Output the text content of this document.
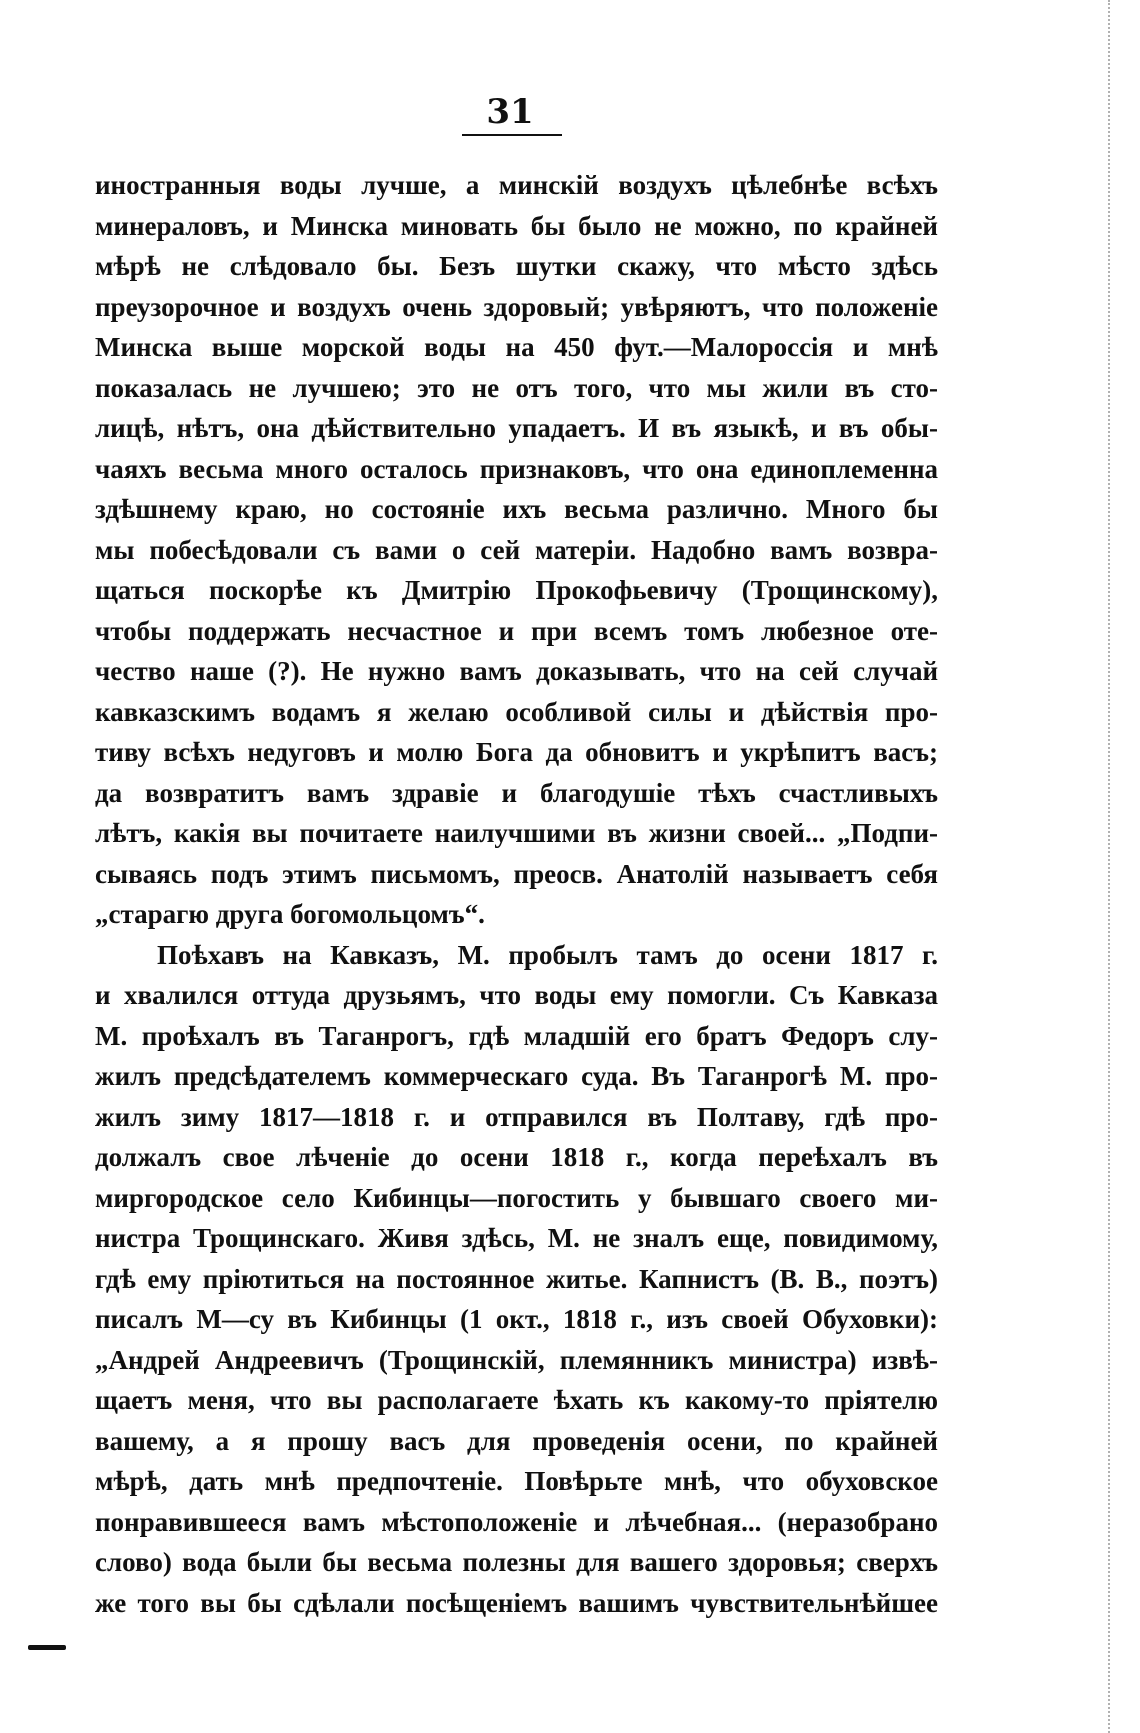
31
иностранныя воды лучше, а минскій воздухъ цѣлебнѣе всѣхъ
минераловъ, и Минска миновать бы было не можно, по крайней
мѣрѣ не слѣдовало бы. Безъ шутки скажу, что мѣсто здѣсь
преузорочное и воздухъ очень здоровый; увѣряютъ, что положеніе
Минска выше морской воды на 450 фут.—Малороссія и мнѣ
показалась не лучшею; это не отъ того, что мы жили въ сто-
лицѣ, нѣтъ, она дѣйствительно упадаетъ. И въ языкѣ, и въ обы-
чаяхъ весьма много осталось признаковъ, что она единоплеменна
здѣшнему краю, но состояніе ихъ весьма различно. Много бы
мы побесѣдовали съ вами о сей матеріи. Надобно вамъ возвра-
щаться поскорѣе къ Дмитрію Прокофьевичу (Трощинскому),
чтобы поддержать несчастное и при всемъ томъ любезное оте-
чество наше (?). Не нужно вамъ доказывать, что на сей случай
кавказскимъ водамъ я желаю особливой силы и дѣйствія про-
тиву всѣхъ недуговъ и молю Бога да обновитъ и укрѣпитъ васъ;
да возвратитъ вамъ здравіе и благодушіе тѣхъ счастливыхъ
лѣтъ, какія вы почитаете наилучшими въ жизни своей... „Подпи-
сываясь подъ этимъ письмомъ, преосв. Анатолій называетъ себя
„старагю друга богомольцомъ“.
Поѣхавъ на Кавказъ, М. пробылъ тамъ до осени 1817 г.
и хвалился оттуда друзьямъ, что воды ему помогли. Съ Кавказа
М. проѣхалъ въ Таганрогъ, гдѣ младшій его братъ Федоръ слу-
жилъ предсѣдателемъ коммерческаго суда. Въ Таганрогѣ М. про-
жилъ зиму 1817—1818 г. и отправился въ Полтаву, гдѣ про-
должалъ свое лѣченіе до осени 1818 г., когда переѣхалъ въ
миргородское село Кибинцы—погостить у бывшаго своего ми-
нистра Трощинскаго. Живя здѣсь, М. не зналъ еще, повидимому,
гдѣ ему пріютиться на постоянное житье. Капнистъ (В. В., поэтъ)
писалъ М—су въ Кибинцы (1 окт., 1818 г., изъ своей Обуховки):
„Андрей Андреевичъ (Трощинскій, племянникъ министра) извѣ-
щаетъ меня, что вы располагаете ѣхать къ какому-то пріятелю
вашему, а я прошу васъ для проведенія осени, по крайней
мѣрѣ, дать мнѣ предпочтеніе. Повѣрьте мнѣ, что обуховское
понравившееся вамъ мѣстоположеніе и лѣчебная... (неразобрано
слово) вода были бы весьма полезны для вашего здоровья; сверхъ
же того вы бы сдѣлали посѣщеніемъ вашимъ чувствительнѣйшее
